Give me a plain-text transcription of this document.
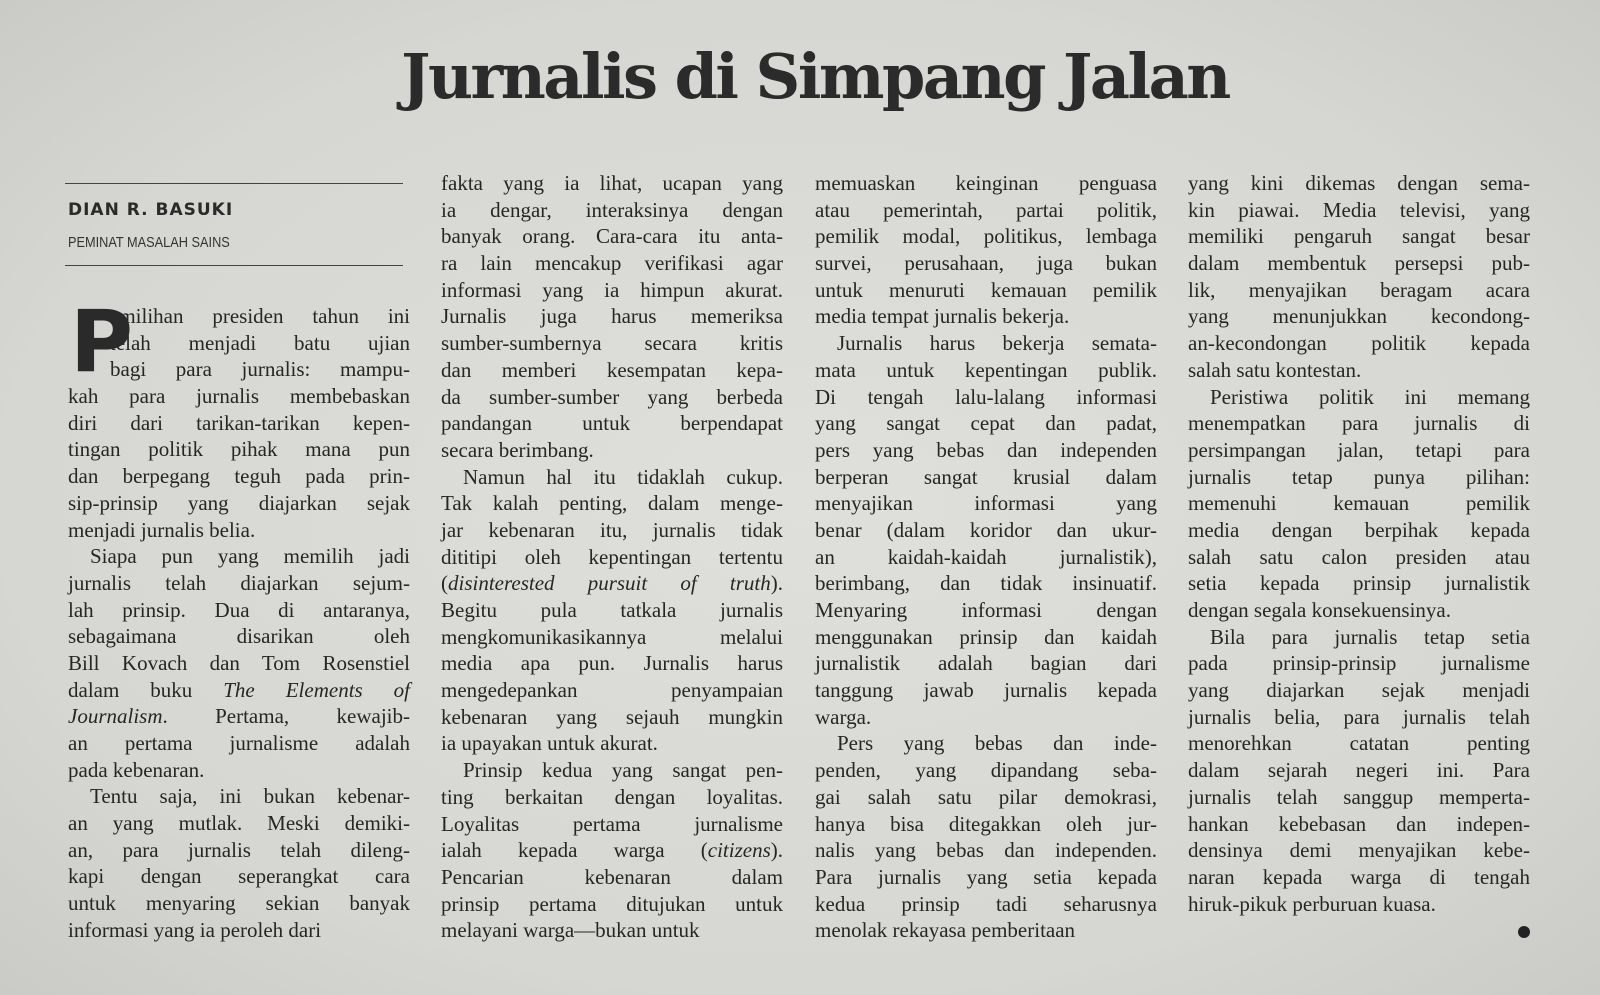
Jurnalis di Simpang Jalan
DIAN R. BASUKI
PEMINAT MASALAH SAINS
P
emilihan presiden tahun ini
telah menjadi batu ujian
bagi para jurnalis: mampu-
kah para jurnalis membebaskan
diri dari tarikan-tarikan kepen-
tingan politik pihak mana pun
dan berpegang teguh pada prin-
sip-prinsip yang diajarkan sejak
menjadi jurnalis belia.
Siapa pun yang memilih jadi
jurnalis telah diajarkan sejum-
lah prinsip. Dua di antaranya,
sebagaimana disarikan oleh
Bill Kovach dan Tom Rosenstiel
dalam buku The Elements of
Journalism. Pertama, kewajib-
an pertama jurnalisme adalah
pada kebenaran.
Tentu saja, ini bukan kebenar-
an yang mutlak. Meski demiki-
an, para jurnalis telah dileng-
kapi dengan seperangkat cara
untuk menyaring sekian banyak
informasi yang ia peroleh dari
fakta yang ia lihat, ucapan yang
ia dengar, interaksinya dengan
banyak orang. Cara-cara itu anta-
ra lain mencakup verifikasi agar
informasi yang ia himpun akurat.
Jurnalis juga harus memeriksa
sumber-sumbernya secara kritis
dan memberi kesempatan kepa-
da sumber-sumber yang berbeda
pandangan untuk berpendapat
secara berimbang.
Namun hal itu tidaklah cukup.
Tak kalah penting, dalam menge-
jar kebenaran itu, jurnalis tidak
dititipi oleh kepentingan tertentu
(disinterested pursuit of truth).
Begitu pula tatkala jurnalis
mengkomunikasikannya melalui
media apa pun. Jurnalis harus
mengedepankan penyampaian
kebenaran yang sejauh mungkin
ia upayakan untuk akurat.
Prinsip kedua yang sangat pen-
ting berkaitan dengan loyalitas.
Loyalitas pertama jurnalisme
ialah kepada warga (citizens).
Pencarian kebenaran dalam
prinsip pertama ditujukan untuk
melayani warga—bukan untuk
memuaskan keinginan penguasa
atau pemerintah, partai politik,
pemilik modal, politikus, lembaga
survei, perusahaan, juga bukan
untuk menuruti kemauan pemilik
media tempat jurnalis bekerja.
Jurnalis harus bekerja semata-
mata untuk kepentingan publik.
Di tengah lalu-lalang informasi
yang sangat cepat dan padat,
pers yang bebas dan independen
berperan sangat krusial dalam
menyajikan informasi yang
benar (dalam koridor dan ukur-
an kaidah-kaidah jurnalistik),
berimbang, dan tidak insinuatif.
Menyaring informasi dengan
menggunakan prinsip dan kaidah
jurnalistik adalah bagian dari
tanggung jawab jurnalis kepada
warga.
Pers yang bebas dan inde-
penden, yang dipandang seba-
gai salah satu pilar demokrasi,
hanya bisa ditegakkan oleh jur-
nalis yang bebas dan independen.
Para jurnalis yang setia kepada
kedua prinsip tadi seharusnya
menolak rekayasa pemberitaan
yang kini dikemas dengan sema-
kin piawai. Media televisi, yang
memiliki pengaruh sangat besar
dalam membentuk persepsi pub-
lik, menyajikan beragam acara
yang menunjukkan kecondong-
an-kecondongan politik kepada
salah satu kontestan.
Peristiwa politik ini memang
menempatkan para jurnalis di
persimpangan jalan, tetapi para
jurnalis tetap punya pilihan:
memenuhi kemauan pemilik
media dengan berpihak kepada
salah satu calon presiden atau
setia kepada prinsip jurnalistik
dengan segala konsekuensinya.
Bila para jurnalis tetap setia
pada prinsip-prinsip jurnalisme
yang diajarkan sejak menjadi
jurnalis belia, para jurnalis telah
menorehkan catatan penting
dalam sejarah negeri ini. Para
jurnalis telah sanggup memperta-
hankan kebebasan dan indepen-
densinya demi menyajikan kebe-
naran kepada warga di tengah
hiruk-pikuk perburuan kuasa.
